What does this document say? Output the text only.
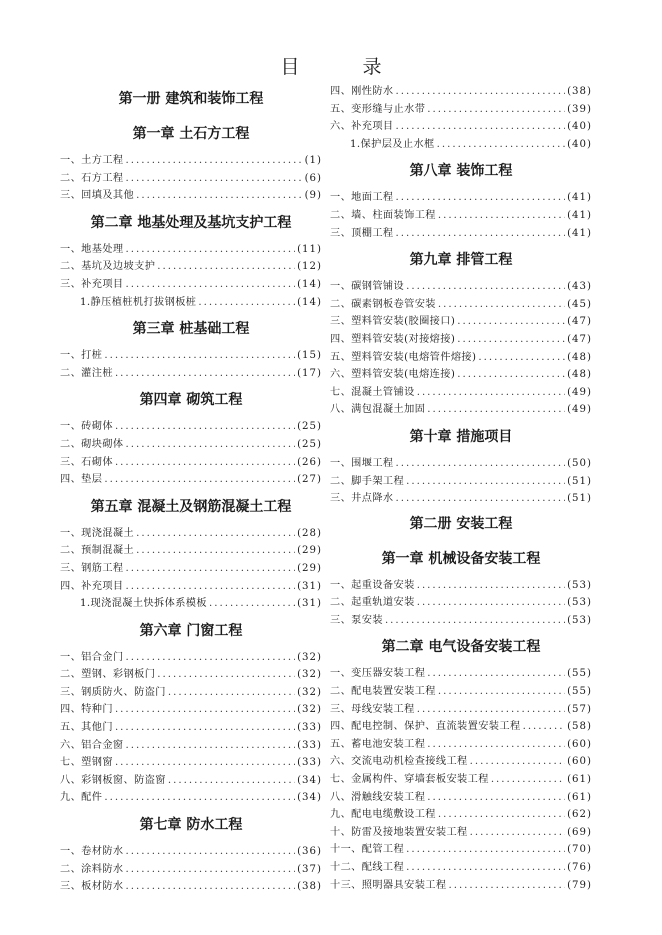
目　录
第一册 建筑和装饰工程
第一章 土石方工程
一、土方工程 .....	(1)
二、石方工程 .....	(6)
三、回填及其他 .....	(9)
第二章 地基处理及基坑支护工程
一、地基处理 .....	(11)
二、基坑及边坡支护 .....	(12)
三、补充项目 .....	(14)
1.静压植桩机打拔钢板桩 .....	(14)
第三章 桩基础工程
一、打桩 .....	(15)
二、灌注桩 .....	(17)
第四章 砌筑工程
一、砖砌体 .....	(25)
二、砌块砌体 .....	(25)
三、石砌体 .....	(26)
四、垫层 .....	(27)
第五章 混凝土及钢筋混凝土工程
一、现浇混凝土 .....	(28)
二、预制混凝土 .....	(29)
三、钢筋工程 .....	(29)
四、补充项目 .....	(31)
1.现浇混凝土快拆体系模板 .....	(31)
第六章 门窗工程
一、铝合金门 .....	(32)
二、塑钢、彩钢板门 .....	(32)
三、钢质防火、防盗门 .....	(32)
四、特种门 .....	(32)
五、其他门 .....	(33)
六、铝合金窗 .....	(33)
七、塑钢窗 .....	(33)
八、彩钢板窗、防盗窗 .....	(34)
九、配件 .....	(34)
第七章 防水工程
一、卷材防水 .....	(36)
二、涂料防水 .....	(37)
三、板材防水 .....	(38)
四、刚性防水 .....	(38)
五、变形缝与止水带 .....	(39)
六、补充项目 .....	(40)
1.保护层及止水框 .....	(40)
第八章 装饰工程
一、地面工程 .....	(41)
二、墙、柱面装饰工程 .....	(41)
三、顶棚工程 .....	(41)
第九章 排管工程
一、碳钢管铺设 .....	(43)
二、碳素钢板卷管安装 .....	(45)
三、塑料管安装(胶圈接口) .....	(47)
四、塑料管安装(对接熔接) .....	(47)
五、塑料管安装(电熔管件熔接) .....	(48)
六、塑料管安装(电熔连接) .....	(48)
七、混凝土管铺设 .....	(49)
八、满包混凝土加固 .....	(49)
第十章 措施项目
一、围堰工程 .....	(50)
二、脚手架工程 .....	(51)
三、井点降水 .....	(51)
第二册 安装工程
第一章 机械设备安装工程
一、起重设备安装 .....	(53)
二、起重轨道安装 .....	(53)
三、泵安装 .....	(53)
第二章 电气设备安装工程
一、变压器安装工程 .....	(55)
二、配电装置安装工程 .....	(55)
三、母线安装工程 .....	(57)
四、配电控制、保护、直流装置安装工程 .....	(58)
五、蓄电池安装工程 .....	(60)
六、交流电动机检查接线工程 .....	(60)
七、金属构件、穿墙套板安装工程 .....	(61)
八、滑触线安装工程 .....	(61)
九、配电电缆敷设工程 .....	(62)
十、防雷及接地装置安装工程 .....	(69)
十一、配管工程 .....	(70)
十二、配线工程 .....	(76)
十三、照明器具安装工程 .....	(79)
